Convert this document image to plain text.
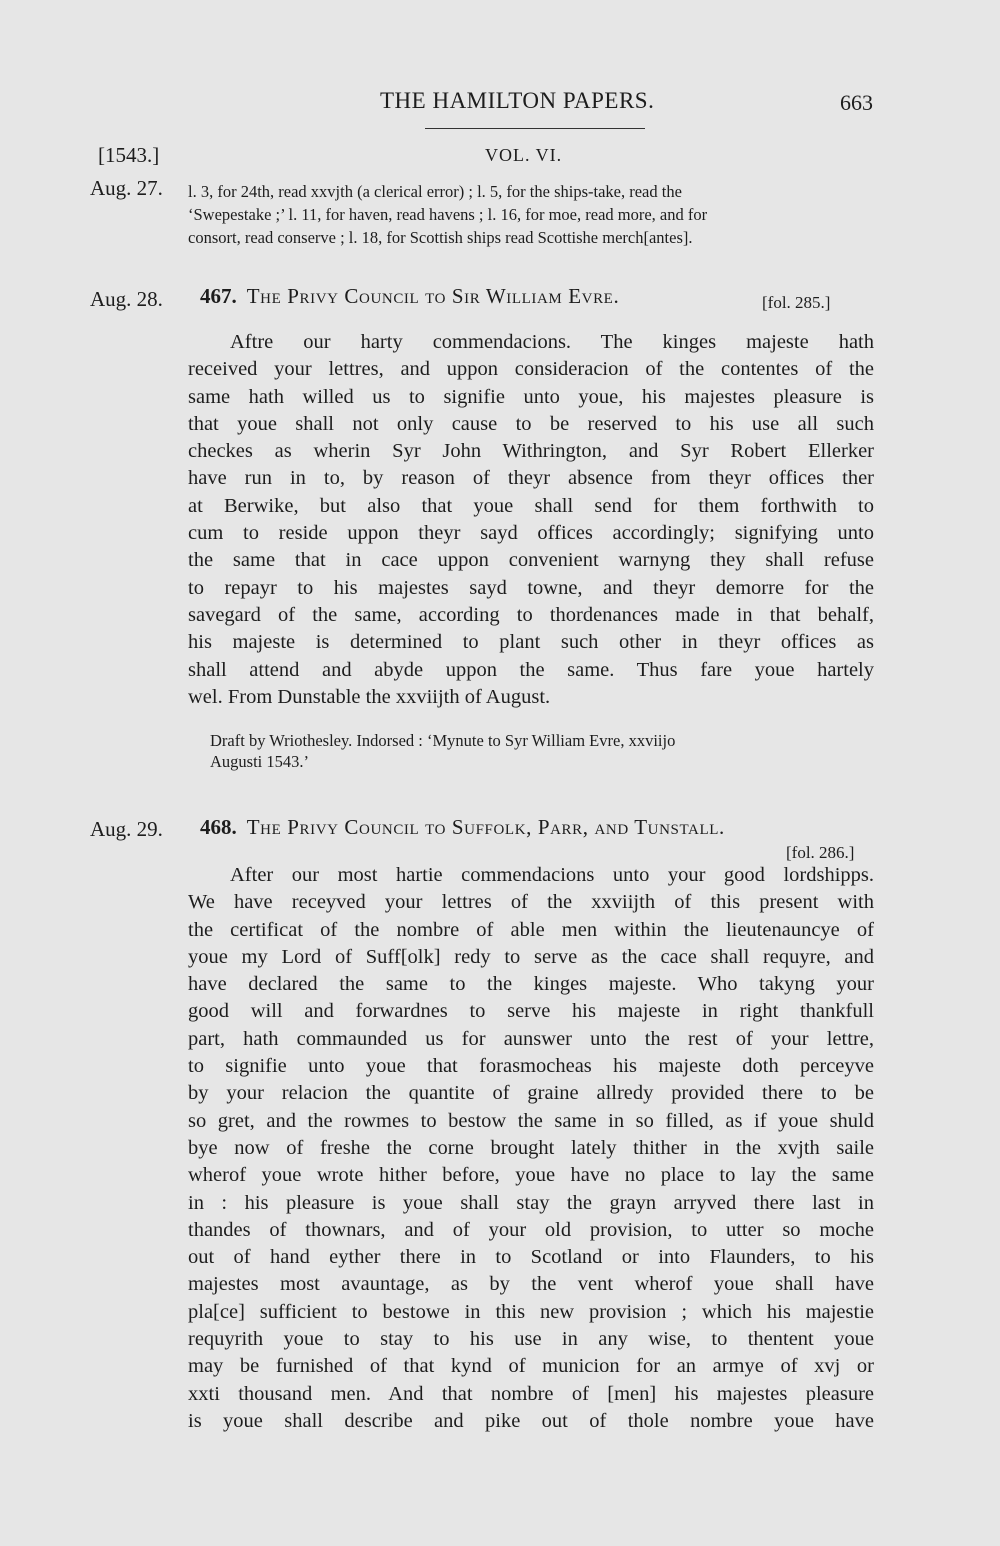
THE HAMILTON PAPERS.	663
[1543.]	VOL. VI.
Aug. 27. l. 3, for 24th, read xxvjth (a clerical error) ; l. 5, for the ships-take, read the
‘Swepestake ;’ l. 11, for haven, read havens ; l. 16, for moe, read more, and for
consort, read conserve ; l. 18, for Scottish ships read Scottishe merch[antes].
Aug. 28. 467. The Privy Council to Sir William Evre.	[fol. 285.]
Aftre our harty commendacions. The kinges majeste hath
received your lettres, and uppon consideracion of the contentes of the
same hath willed us to signifie unto youe, his majestes pleasure is
that youe shall not only cause to be reserved to his use all such
checkes as wherin Syr John Withrington, and Syr Robert Ellerker
have run in to, by reason of theyr absence from theyr offices ther
at Berwike, but also that youe shall send for them forthwith to
cum to reside uppon theyr sayd offices accordingly; signifying unto
the same that in cace uppon convenient warnyng they shall refuse
to repayr to his majestes sayd towne, and theyr demorre for the
savegard of the same, according to thordenances made in that behalf,
his majeste is determined to plant such other in theyr offices as
shall attend and abyde uppon the same. Thus fare youe hartely
wel. From Dunstable the xxviijth of August.
Draft by Wriothesley. Indorsed : ‘Mynute to Syr William Evre, xxviijo
Augusti 1543.’
Aug. 29. 468. The Privy Council to Suffolk, Parr, and Tunstall.
[fol. 286.]
After our most hartie commendacions unto your good lordshipps.
We have receyved your lettres of the xxviijth of this present with
the certificat of the nombre of able men within the lieutenauncye of
youe my Lord of Suff[olk] redy to serve as the cace shall requyre, and
have declared the same to the kinges majeste. Who takyng your
good will and forwardnes to serve his majeste in right thankfull
part, hath commaunded us for aunswer unto the rest of your lettre,
to signifie unto youe that forasmocheas his majeste doth perceyve
by your relacion the quantite of graine allredy provided there to be
so gret, and the rowmes to bestow the same in so filled, as if youe shuld
bye now of freshe the corne brought lately thither in the xvjth saile
wherof youe wrote hither before, youe have no place to lay the same
in : his pleasure is youe shall stay the grayn arryved there last in
thandes of thownars, and of your old provision, to utter so moche
out of hand eyther there in to Scotland or into Flaunders, to his
majestes most avauntage, as by the vent wherof youe shall have
pla[ce] sufficient to bestowe in this new provision ; which his majestie
requyrith youe to stay to his use in any wise, to thentent youe
may be furnished of that kynd of municion for an armye of xvj or
xxti thousand men. And that nombre of [men] his majestes pleasure
is youe shall describe and pike out of thole nombre youe have
